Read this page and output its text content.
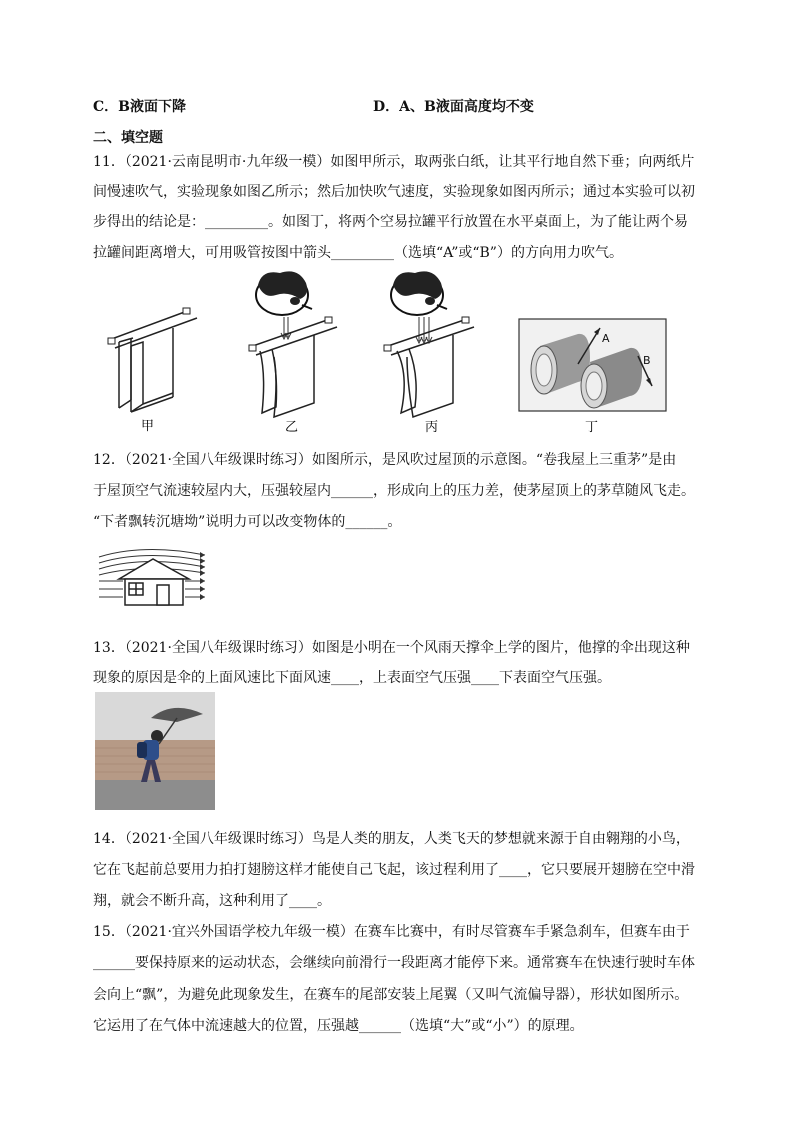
C．B液面下降	D．A、B液面高度均不变
二、填空题
11．（2021·云南昆明市·九年级一模）如图甲所示，取两张白纸，让其平行地自然下垂；向两纸片
间慢速吹气，实验现象如图乙所示；然后加快吹气速度，实验现象如图丙所示；通过本实验可以初
步得出的结论是：_________。如图丁，将两个空易拉罐平行放置在水平桌面上，为了能让两个易
拉罐间距离增大，可用吸管按图中箭头_________（选填“A”或“B”）的方向用力吹气。
甲	乙	丙
A
B
丁
12．（2021·全国八年级课时练习）如图所示，是风吹过屋顶的示意图。“卷我屋上三重茅”是由
于屋顶空气流速较屋内大，压强较屋内______，形成向上的压力差，使茅屋顶上的茅草随风飞走。
“下者飘转沉塘坳”说明力可以改变物体的______。
13．（2021·全国八年级课时练习）如图是小明在一个风雨天撑伞上学的图片，他撑的伞出现这种
现象的原因是伞的上面风速比下面风速____，上表面空气压强____下表面空气压强。
14．（2021·全国八年级课时练习）鸟是人类的朋友，人类飞天的梦想就来源于自由翱翔的小鸟，
它在飞起前总要用力拍打翅膀这样才能使自己飞起，该过程利用了____，它只要展开翅膀在空中滑
翔，就会不断升高，这种利用了____。
15．（2021·宜兴外国语学校九年级一模）在赛车比赛中，有时尽管赛车手紧急刹车，但赛车由于
______要保持原来的运动状态，会继续向前滑行一段距离才能停下来。通常赛车在快速行驶时车体
会向上“飘”，为避免此现象发生，在赛车的尾部安装上尾翼（又叫气流偏导器），形状如图所示。
它运用了在气体中流速越大的位置，压强越______（选填“大”或“小”）的原理。
